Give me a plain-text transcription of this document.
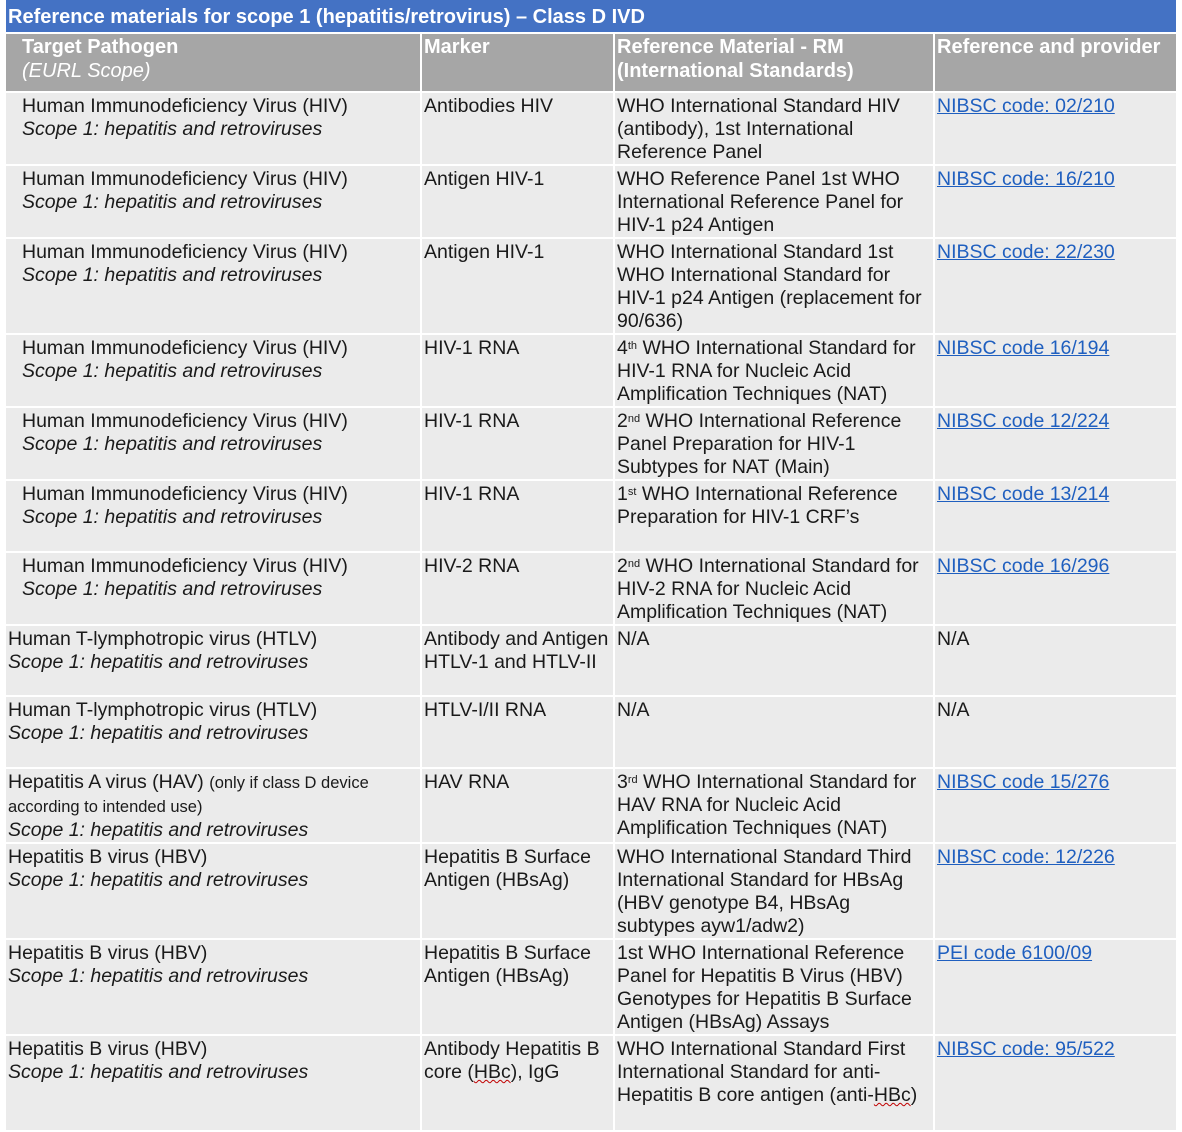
Reference materials for scope 1 (hepatitis/retrovirus) – Class D IVD
Target Pathogen
(EURL Scope)	Marker	Reference Material - RM (International Standards)	Reference and provider
Human Immunodeficiency Virus (HIV)
Scope 1: hepatitis and retroviruses	Antibodies HIV	WHO International Standard HIV (antibody), 1st International Reference Panel	NIBSC code: 02/210
Human Immunodeficiency Virus (HIV)
Scope 1: hepatitis and retroviruses	Antigen HIV-1	WHO Reference Panel 1st WHO International Reference Panel for HIV-1 p24 Antigen	NIBSC code: 16/210
Human Immunodeficiency Virus (HIV)
Scope 1: hepatitis and retroviruses	Antigen HIV-1	WHO International Standard 1st WHO International Standard for HIV-1 p24 Antigen (replacement for 90/636)	NIBSC code: 22/230
Human Immunodeficiency Virus (HIV)
Scope 1: hepatitis and retroviruses	HIV-1 RNA	4th WHO International Standard for HIV-1 RNA for Nucleic Acid Amplification Techniques (NAT)	NIBSC code 16/194
Human Immunodeficiency Virus (HIV)
Scope 1: hepatitis and retroviruses	HIV-1 RNA	2nd WHO International Reference Panel Preparation for HIV-1 Subtypes for NAT (Main)	NIBSC code 12/224
Human Immunodeficiency Virus (HIV)
Scope 1: hepatitis and retroviruses	HIV-1 RNA	1st WHO International Reference Preparation for HIV-1 CRF’s	NIBSC code 13/214
Human Immunodeficiency Virus (HIV)
Scope 1: hepatitis and retroviruses	HIV-2 RNA	2nd WHO International Standard for HIV-2 RNA for Nucleic Acid Amplification Techniques (NAT)	NIBSC code 16/296
Human T-lymphotropic virus (HTLV)
Scope 1: hepatitis and retroviruses	Antibody and Antigen HTLV-1 and HTLV-II	N/A	N/A
Human T-lymphotropic virus (HTLV)
Scope 1: hepatitis and retroviruses	HTLV-I/II RNA	N/A	N/A
Hepatitis A virus (HAV) (only if class D device according to intended use)
Scope 1: hepatitis and retroviruses	HAV RNA	3rd WHO International Standard for HAV RNA for Nucleic Acid Amplification Techniques (NAT)	NIBSC code 15/276
Hepatitis B virus (HBV)
Scope 1: hepatitis and retroviruses	Hepatitis B Surface Antigen (HBsAg)	WHO International Standard Third International Standard for HBsAg (HBV genotype B4, HBsAg subtypes ayw1/adw2)	NIBSC code: 12/226
Hepatitis B virus (HBV)
Scope 1: hepatitis and retroviruses	Hepatitis B Surface Antigen (HBsAg)	1st WHO International Reference Panel for Hepatitis B Virus (HBV) Genotypes for Hepatitis B Surface Antigen (HBsAg) Assays	PEI code 6100/09
Hepatitis B virus (HBV)
Scope 1: hepatitis and retroviruses	Antibody Hepatitis B core (HBc), IgG	WHO International Standard First International Standard for anti-Hepatitis B core antigen (anti-HBc)	NIBSC code: 95/522
